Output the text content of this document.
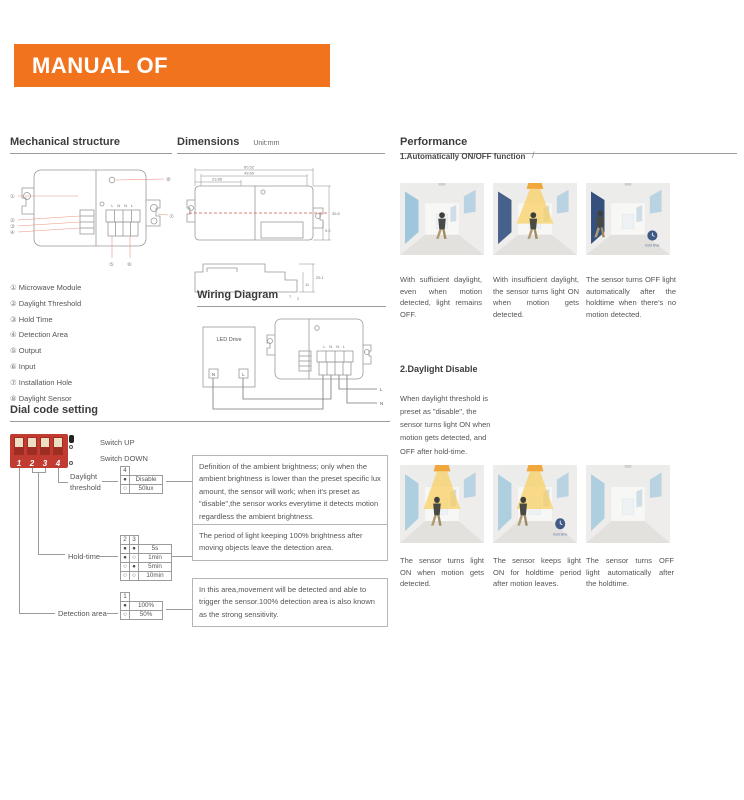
MANUAL OF INSTALLATION
Mechanical structure
L N N L
①
②
③
④
⑤ ⑥
⑦
⑧
① Microwave Module
② Daylight Threshold
③ Hold Time
④ Detection Area
⑤ Output
⑥ Input
⑦ Installation Hole
⑧ Daylight Sensor
Dimensions Unit:mm
60.52
49.60
23.86
35.6
9.2
25.1
11
7 2
Wiring Diagram
LED Drive
N	L
L N N L
L
N
Dial code setting
1	2	3	4
Switch UP
Switch DOWN
Daylight threshold
4	
●	Disable
○	50lux
Definition of the ambient brightness; only when the ambient brightness is lower than the preset specific lux amount, the sensor will work; when it's preset as "disable",the sensor works everytime it detects motion regardless the ambient brightness.
Hold-time
2	3	
●	●	5s
●	○	1min
○	●	5min
○	○	10min
The period of light keeping 100% brightness after moving objects leave the detection area.
Detection area
1	
●	100%
○	50%
In this area,movement will be detected and able to trigger the sensor.100% detection area is also known as the strong sensitivity.
Performance
1.Automatically ON/OFF function /
hold time
With sufficient daylight, even when motion detected, light remains OFF.
With insufficient daylight, the sensor turns light ON when motion gets detected.
The sensor turns OFF light automatically after the holdtime when there's no motion detected.
2.Daylight Disable
When daylight threshold is preset as "disable", the sensor turns light ON when motion gets detected, and OFF after hold-time.
hold time
The sensor turns light ON when motion gets detected.
The sensor keeps light ON for holdtime period after motion leaves.
The sensor turns OFF light automatically after the holdtime.
